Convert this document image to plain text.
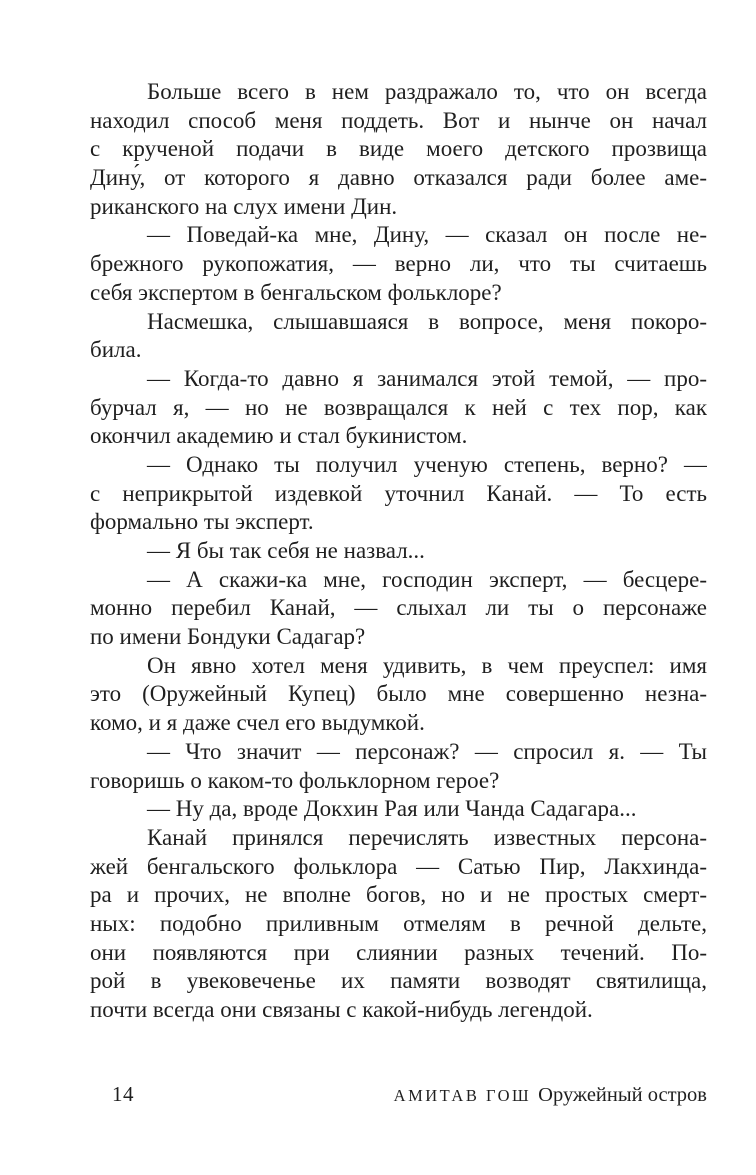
Больше всего в нем раздражало то, что он всегда
находил способ меня поддеть. Вот и нынче он начал
с крученой подачи в виде моего детского прозвища
Дину́, от которого я давно отказался ради более аме-
риканского на слух имени Дин.
— Поведай-ка мне, Дину, — сказал он после не-
брежного рукопожатия, — верно ли, что ты считаешь
себя экспертом в бенгальском фольклоре?
Насмешка, слышавшаяся в вопросе, меня покоро-
била.
— Когда-то давно я занимался этой темой, — про-
бурчал я, — но не возвращался к ней с тех пор, как
окончил академию и стал букинистом.
— Однако ты получил ученую степень, верно? —
с неприкрытой издевкой уточнил Канай. — То есть
формально ты эксперт.
— Я бы так себя не назвал...
— А скажи-ка мне, господин эксперт, — бесцере-
монно перебил Канай, — слыхал ли ты о персонаже
по имени Бондуки Садагар?
Он явно хотел меня удивить, в чем преуспел: имя
это (Оружейный Купец) было мне совершенно незна-
комо, и я даже счел его выдумкой.
— Что значит — персонаж? — спросил я. — Ты
говоришь о каком-то фольклорном герое?
— Ну да, вроде Докхин Рая или Чанда Садагара...
Канай принялся перечислять известных персона-
жей бенгальского фольклора — Сатью Пир, Лакхинда-
ра и прочих, не вполне богов, но и не простых смерт-
ных: подобно приливным отмелям в речной дельте,
они появляются при слиянии разных течений. По-
рой в увековеченье их памяти возводят святилища,
почти всегда они связаны с какой-нибудь легендой.
14	АМИТАВ ГОШ Оружейный остров
